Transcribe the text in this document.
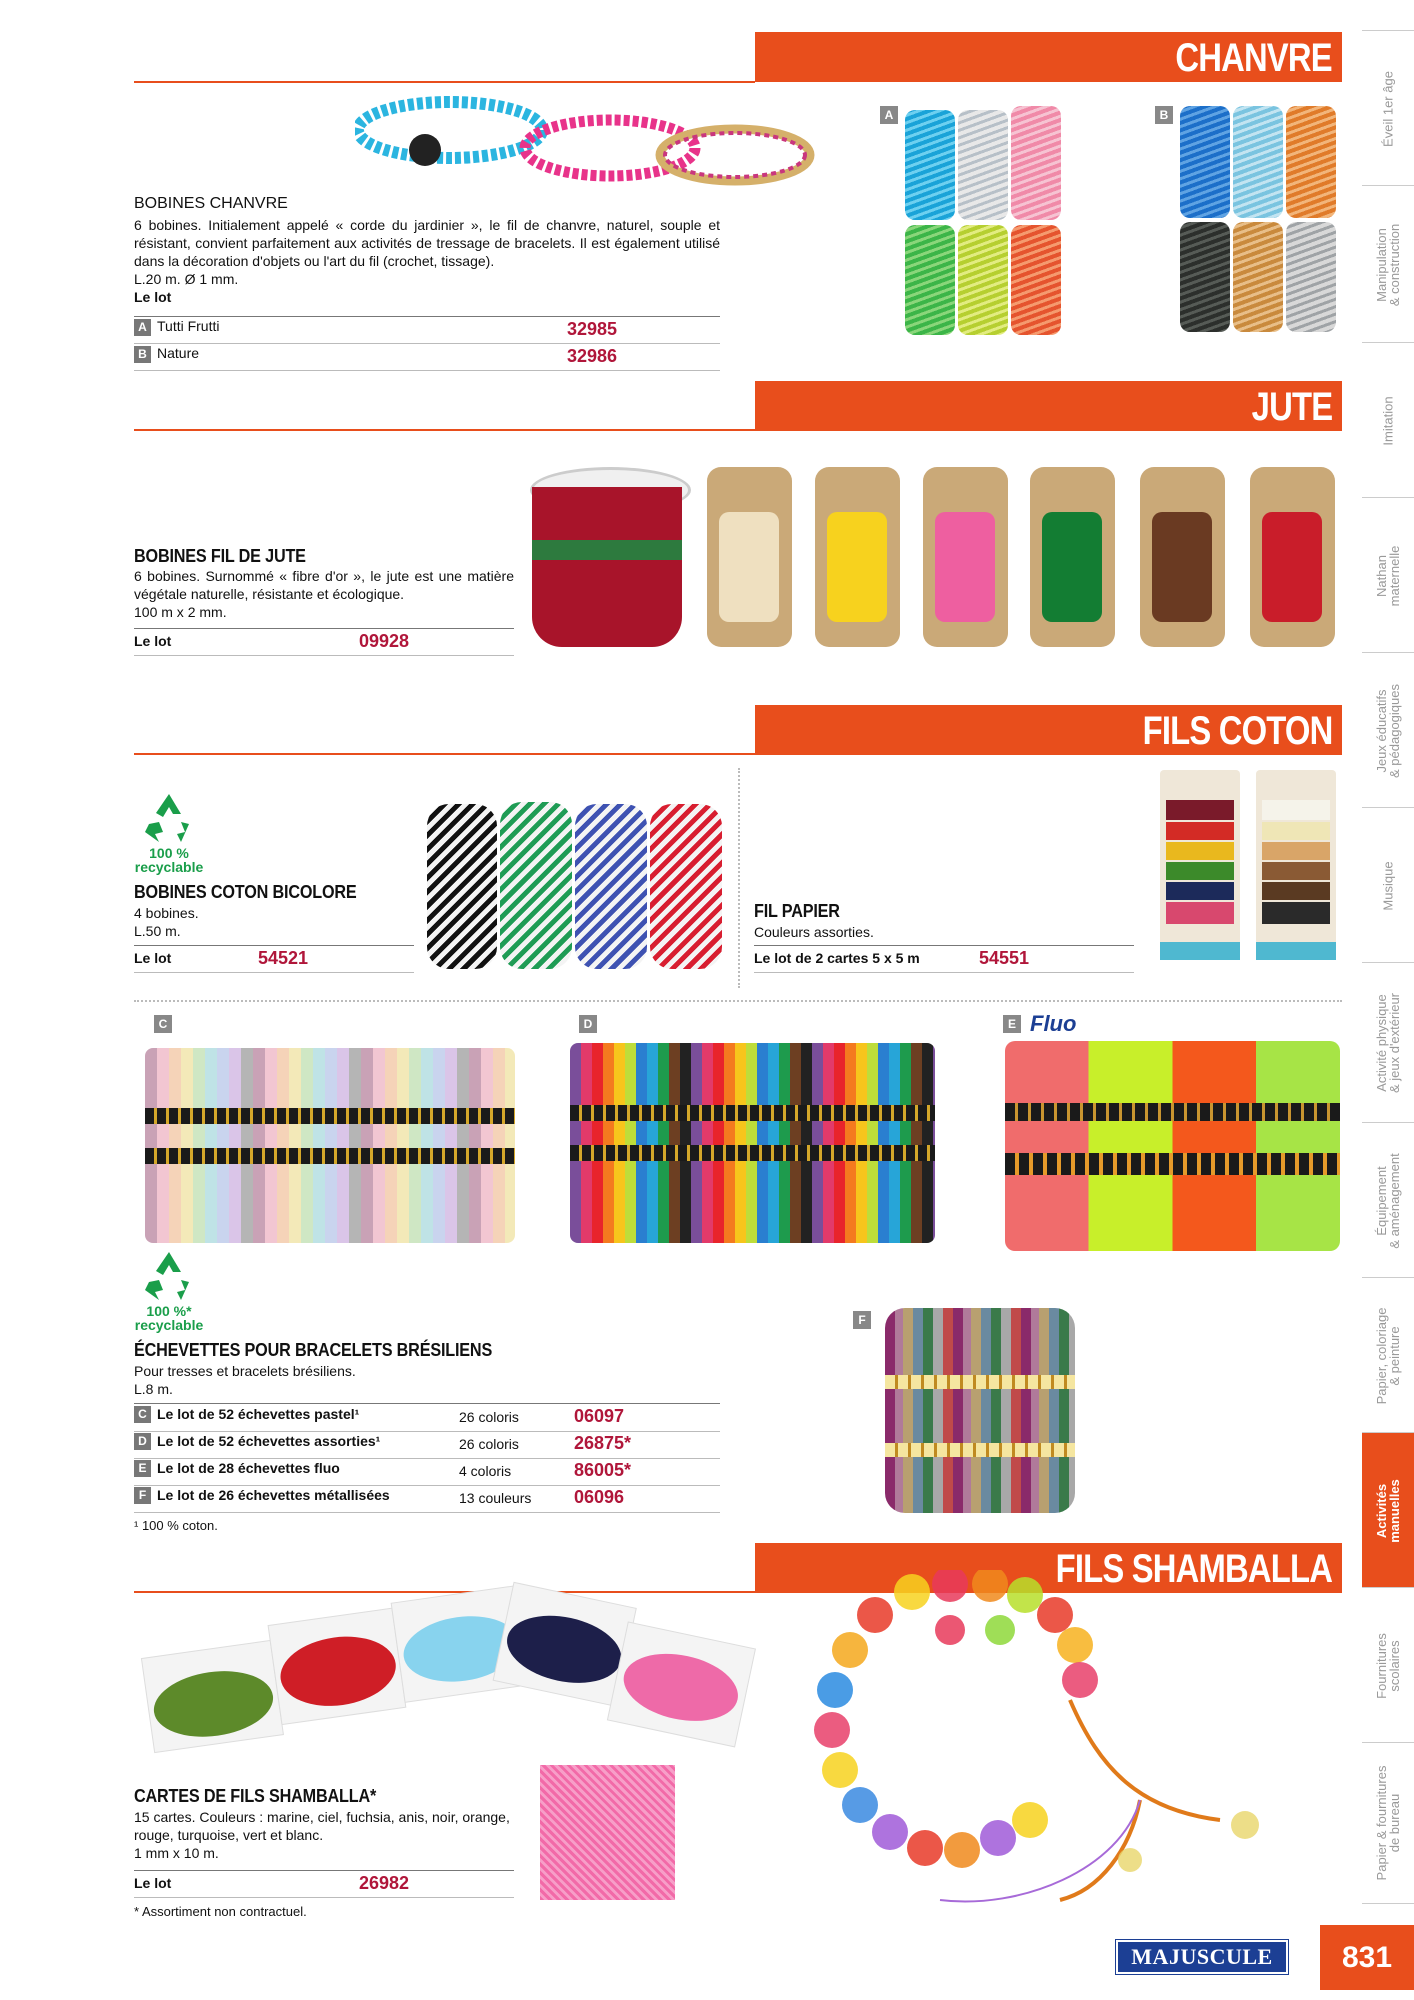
Éveil 1er âge
Manipulation
& construction
Imitation
Nathan
maternelle
Jeux éducatifs
& pédagogiques
Musique
Activité physique
& jeux d'extérieur
Équipement
& aménagement
Papier, coloriage
& peinture
Activités
manuelles
Fournitures
scolaires
Papier & fournitures
de bureau
CHANVRE
BOBINES CHANVRE
6 bobines. Initialement appelé « corde du jardinier », le fil de chanvre, naturel, souple et résistant, convient parfaitement aux activités de tressage de bracelets. Il est également utilisé dans la décoration d'objets ou l'art du fil (crochet, tissage).
L.20 m. Ø 1 mm.
Le lot
A Tutti Frutti	32985
B Nature	32986
A	B
JUTE
BOBINES FIL DE JUTE
6 bobines. Surnommé « fibre d'or », le jute est une matière végétale naturelle, résistante et écologique.
100 m x 2 mm.
Le lot	09928
FILS COTON

100 %
recyclable
BOBINES COTON BICOLORE
4 bobines.
L.50 m.
Le lot	54521
FIL PAPIER
Couleurs assorties.
Le lot de 2 cartes 5 x 5 m	54551
C	D	E Fluo

100 %*
recyclable	F
ÉCHEVETTES POUR BRACELETS BRÉSILIENS
Pour tresses et bracelets brésiliens.
L.8 m.
C Le lot de 52 échevettes pastel¹	26 coloris	06097
D Le lot de 52 échevettes assorties¹	26 coloris	26875*
E Le lot de 28 échevettes fluo	4 coloris	86005*
F Le lot de 26 échevettes métallisées	13 couleurs 06096
¹ 100 % coton.
FILS SHAMBALLA
CARTES DE FILS SHAMBALLA*
15 cartes. Couleurs : marine, ciel, fuchsia, anis, noir, orange, rouge, turquoise, vert et blanc.
1 mm x 10 m.
Le lot	26982
* Assortiment non contractuel.
MAJUSCULE	831
